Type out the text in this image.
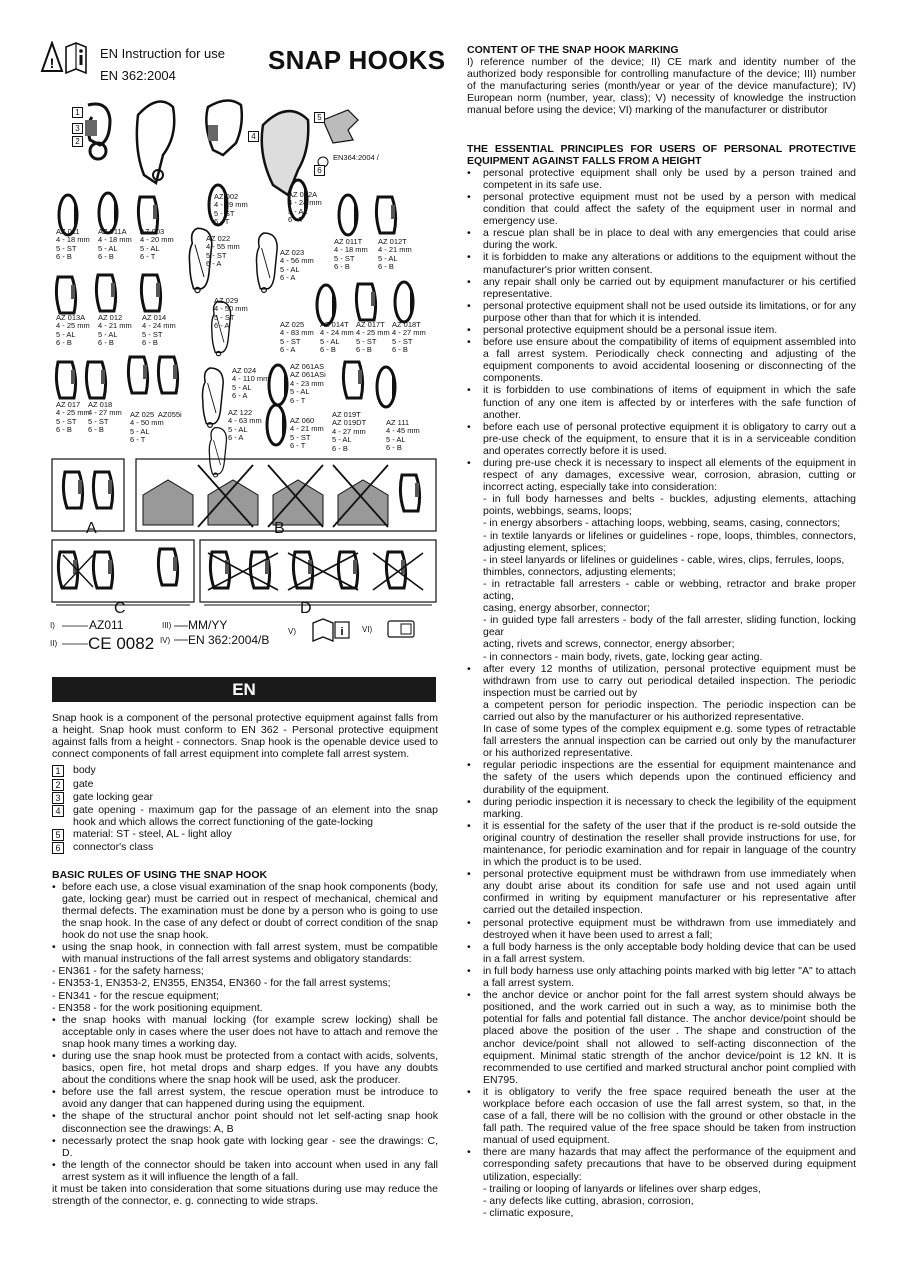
!
EN Instruction for use
EN 362:2004
SNAP HOOKS
i
1
2
3
4
5
6
EN364:2004 /
AZ 002
4 - 19 mm
5 - ST
6 - T
AZ 002A
4 - 24 mm
5 - AL
6 - T
AZ 011
4 - 18 mm
5 - ST
6 - B
AZ 011A
4 - 18 mm
5 - AL
6 - B
AZ 003
4 - 20 mm
5 - AL
6 - T
AZ 022
4 - 55 mm
5 - ST
6 - A
AZ 023
4 - 56 mm
5 - AL
6 - A
AZ 011T
4 - 18 mm
5 - ST
6 - B
AZ 012T
4 - 21 mm
5 - AL
6 - B
AZ 013A
4 - 25 mm
5 - AL
6 - B
AZ 012
4 - 21 mm
5 - AL
6 - B
AZ 014
4 - 24 mm
5 - ST
6 - B
AZ 029
4 - 50 mm
5 - ST
6 - A	AZ 025
4 - 83 mm
5 - ST
6 - A
AZ 014T
4 - 24 mm
5 - AL
6 - B
AZ 017T
4 - 25 mm
5 - ST
6 - B
AZ 018T
4 - 27 mm
5 - ST
6 - B
AZ 024
4 - 110 mm
5 - AL
6 - A
AZ 061AS
AZ 061ASi
4 - 23 mm
5 - AL
6 - T
AZ 017
4 - 25 mm
5 - ST
6 - B
AZ 018
4 - 27 mm
5 - ST
6 - B
AZ 025  AZ055i
4 - 50 mm
5 - AL
6 - T
AZ 122
4 - 63 mm
5 - AL
6 - A
AZ 060
4 - 21 mm
5 - ST
6 - T
AZ 019T
AZ 019DT
4 - 27 mm
5 - AL
6 - B
AZ 111
4 - 45 mm
5 - AL
6 - B
A	B
C	D
I)	AZ011
II) CE 0082
III) MM/YY
IV) EN 362:2004/B
V)	VI)
EN

Snap hook is a component of the personal protective equipment against falls from a height. Snap hook must conform to EN 362 - Personal protective equipment against falls from a height - connectors. Snap hook is the openable device used to connect components of fall arrest equipment into complete fall arrest system.

1	body
2	gate
3	gate locking gear
4	gate opening - maximum gap for the passage of an element into the snap hook and which allows the correct functioning of the gate-locking
5	material: ST - steel, AL - light alloy
6	connector's class
BASIC RULES OF USING THE SNAP HOOK
• before each use, a close visual examination of the snap hook components (body, gate, locking gear) must be carried out in respect of mechanical, chemical and thermal defects. The examination must be done by a person who is going to use the snap hook. In the case of any defect or doubt of correct condition of the snap hook do not use the snap hook.
• using the snap hook, in connection with fall arrest system, must be compatible with manual instructions of the fall arrest systems and obligatory standards:
- EN361 - for the safety harness;
- EN353-1, EN353-2, EN355, EN354, EN360 - for the fall arrest systems;
- EN341 - for the rescue equipment;
- EN358 - for the work positioning equipment.
• the snap hooks with manual locking (for example screw locking) shall be acceptable only in cases where the user does not have to attach and remove the snap hook many times a working day.
• during use the snap hook must be protected from a contact with acids, solvents, basics, open fire, hot metal drops and sharp edges. If you have any doubts about the conditions where the snap hook will be used, ask the producer.
• before use the fall arrest system, the rescue operation must be introduce to avoid any danger that can happened during using the equipment.
• the shape of the structural anchor point should not let self-acting snap hook disconnection see the drawings: A, B
• necessarly protect the snap hook gate with locking gear - see the drawings: C, D.
• the length of the connector should be taken into account when used in any fall arrest system as it will influence the length of a fall.

it must be taken into consideration that some situations during use may reduce the strength of the connector, e. g. connecting to wide straps.

CONTENT OF THE SNAP HOOK MARKING

I) reference number of the device; II) CE mark and identity number of the authorized body responsible for controlling manufacture of the device; III) number of the manufacturing series (month/year or year of the device manufacture); IV) European norm (number, year, class); V) necessity of knowledge the instruction manual before using the device; VI) marking of the manufacturer or distributor

THE ESSENTIAL PRINCIPLES FOR USERS OF PERSONAL PROTECTIVE EQUIPMENT AGAINST FALLS FROM A HEIGHT
• personal protective equipment shall only be used by a person trained and competent in its safe use.
• personal protective equipment must not be used by a person with medical condition that could affect the safety of the equipment user in normal and emergency use.
• a rescue plan shall be in place to deal with any emergencies that could arise during the work.
• it is forbidden to make any alterations or additions to the equipment without the manufacturer's prior written consent.
• any repair shall only be carried out by equipment manufacturer or his certified representative.
• personal protective equipment shall not be used outside its limitations, or for any purpose other than that for which it is intended.
• personal protective equipment should be a personal issue item.
• before use ensure about the compatibility of items of equipment assembled into a fall arrest system. Periodically check connecting and adjusting of the equipment components to avoid accidental loosening or disconnecting of the components.
• it is forbidden to use combinations of items of equipment in which the safe function of any one item is affected by or interferes with the safe function of another.
• before each use of personal protective equipment it is obligatory to carry out a pre-use check of the equipment, to ensure that it is in a serviceable condition and operates correctly before it is used.
• during pre-use check it is necessary to inspect all elements of the equipment in respect of any damages, excessive wear, corrosion, abrasion, cutting or incorrect acting, especially take into consideration:
- in full body harnesses and belts - buckles, adjusting elements, attaching points, webbings, seams, loops;
- in energy absorbers - attaching loops, webbing, seams, casing, connectors;
- in textile lanyards or lifelines or guidelines - rope, loops, thimbles, connectors, adjusting element, splices;
- in steel lanyards or lifelines or guidelines - cable, wires, clips, ferrules, loops,
thimbles, connectors, adjusting elements;
- in retractable fall arresters - cable or webbing, retractor and brake proper acting,
casing, energy absorber, connector;
- in guided type fall arresters - body of the fall arrester, sliding function, locking gear
acting, rivets and screws, connector, energy absorber;
- in connectors - main body, rivets, gate, locking gear acting.
• after every 12 months of utilization, personal protective equipment must be withdrawn from use to carry out periodical detailed inspection. The periodic inspection must be carried out by
a competent person for periodic inspection. The periodic inspection can be carried out also by the manufacturer or his authorized representative.
In case of some types of the complex equipment e.g. some types of retractable fall arresters the annual inspection can be carried out only by the manufacturer or his authorized representative.
• regular periodic inspections are the essential for equipment maintenance and the safety of the users which depends upon the continued efficiency and durability of the equipment.
• during periodic inspection it is necessary to check the legibility of the equipment marking.
• it is essential for the safety of the user that if the product is re-sold outside the original country of destination the reseller shall provide instructions for use, for maintenance, for periodic examination and for repair in language of the country in which the product is to be used.
• personal protective equipment must be withdrawn from use immediately when any doubt arise about its condition for safe use and not used again until confirmed in writing by equipment manufacturer or his representative after carried out the detailed inspection.
• personal protective equipment must be withdrawn from use immediately and destroyed when it have been used to arrest a fall;
• a full body harness is the only acceptable body holding device that can be used in a fall arrest system.
• in full body harness use only attaching points marked with big letter "A" to attach a fall arrest system.
• the anchor device or anchor point for the fall arrest system should always be positioned, and the work carried out in such a way, as to minimise both the potential for falls and potential fall distance. The anchor device/point should be placed above the position of the user . The shape and construction of the anchor device/point shall not allowed to self-acting disconnection of the equipment. Minimal static strength of the anchor device/point is 12 kN. It is recommended to use certified and marked structural anchor point complied with EN795.
• it is obligatory to verify the free space required beneath the user at the workplace before each occasion of use the fall arrest system, so that, in the case of a fall, there will be no collision with the ground or other obstacle in the fall path. The required value of the free space should be taken from instruction manual of used equipment.
• there are many hazards that may affect the performance of the equipment and corresponding safety precautions that have to be observed during equipment utilization, especially:
- trailing or looping of lanyards or lifelines over sharp edges,
- any defects like cutting, abrasion, corrosion,
- climatic exposure,
